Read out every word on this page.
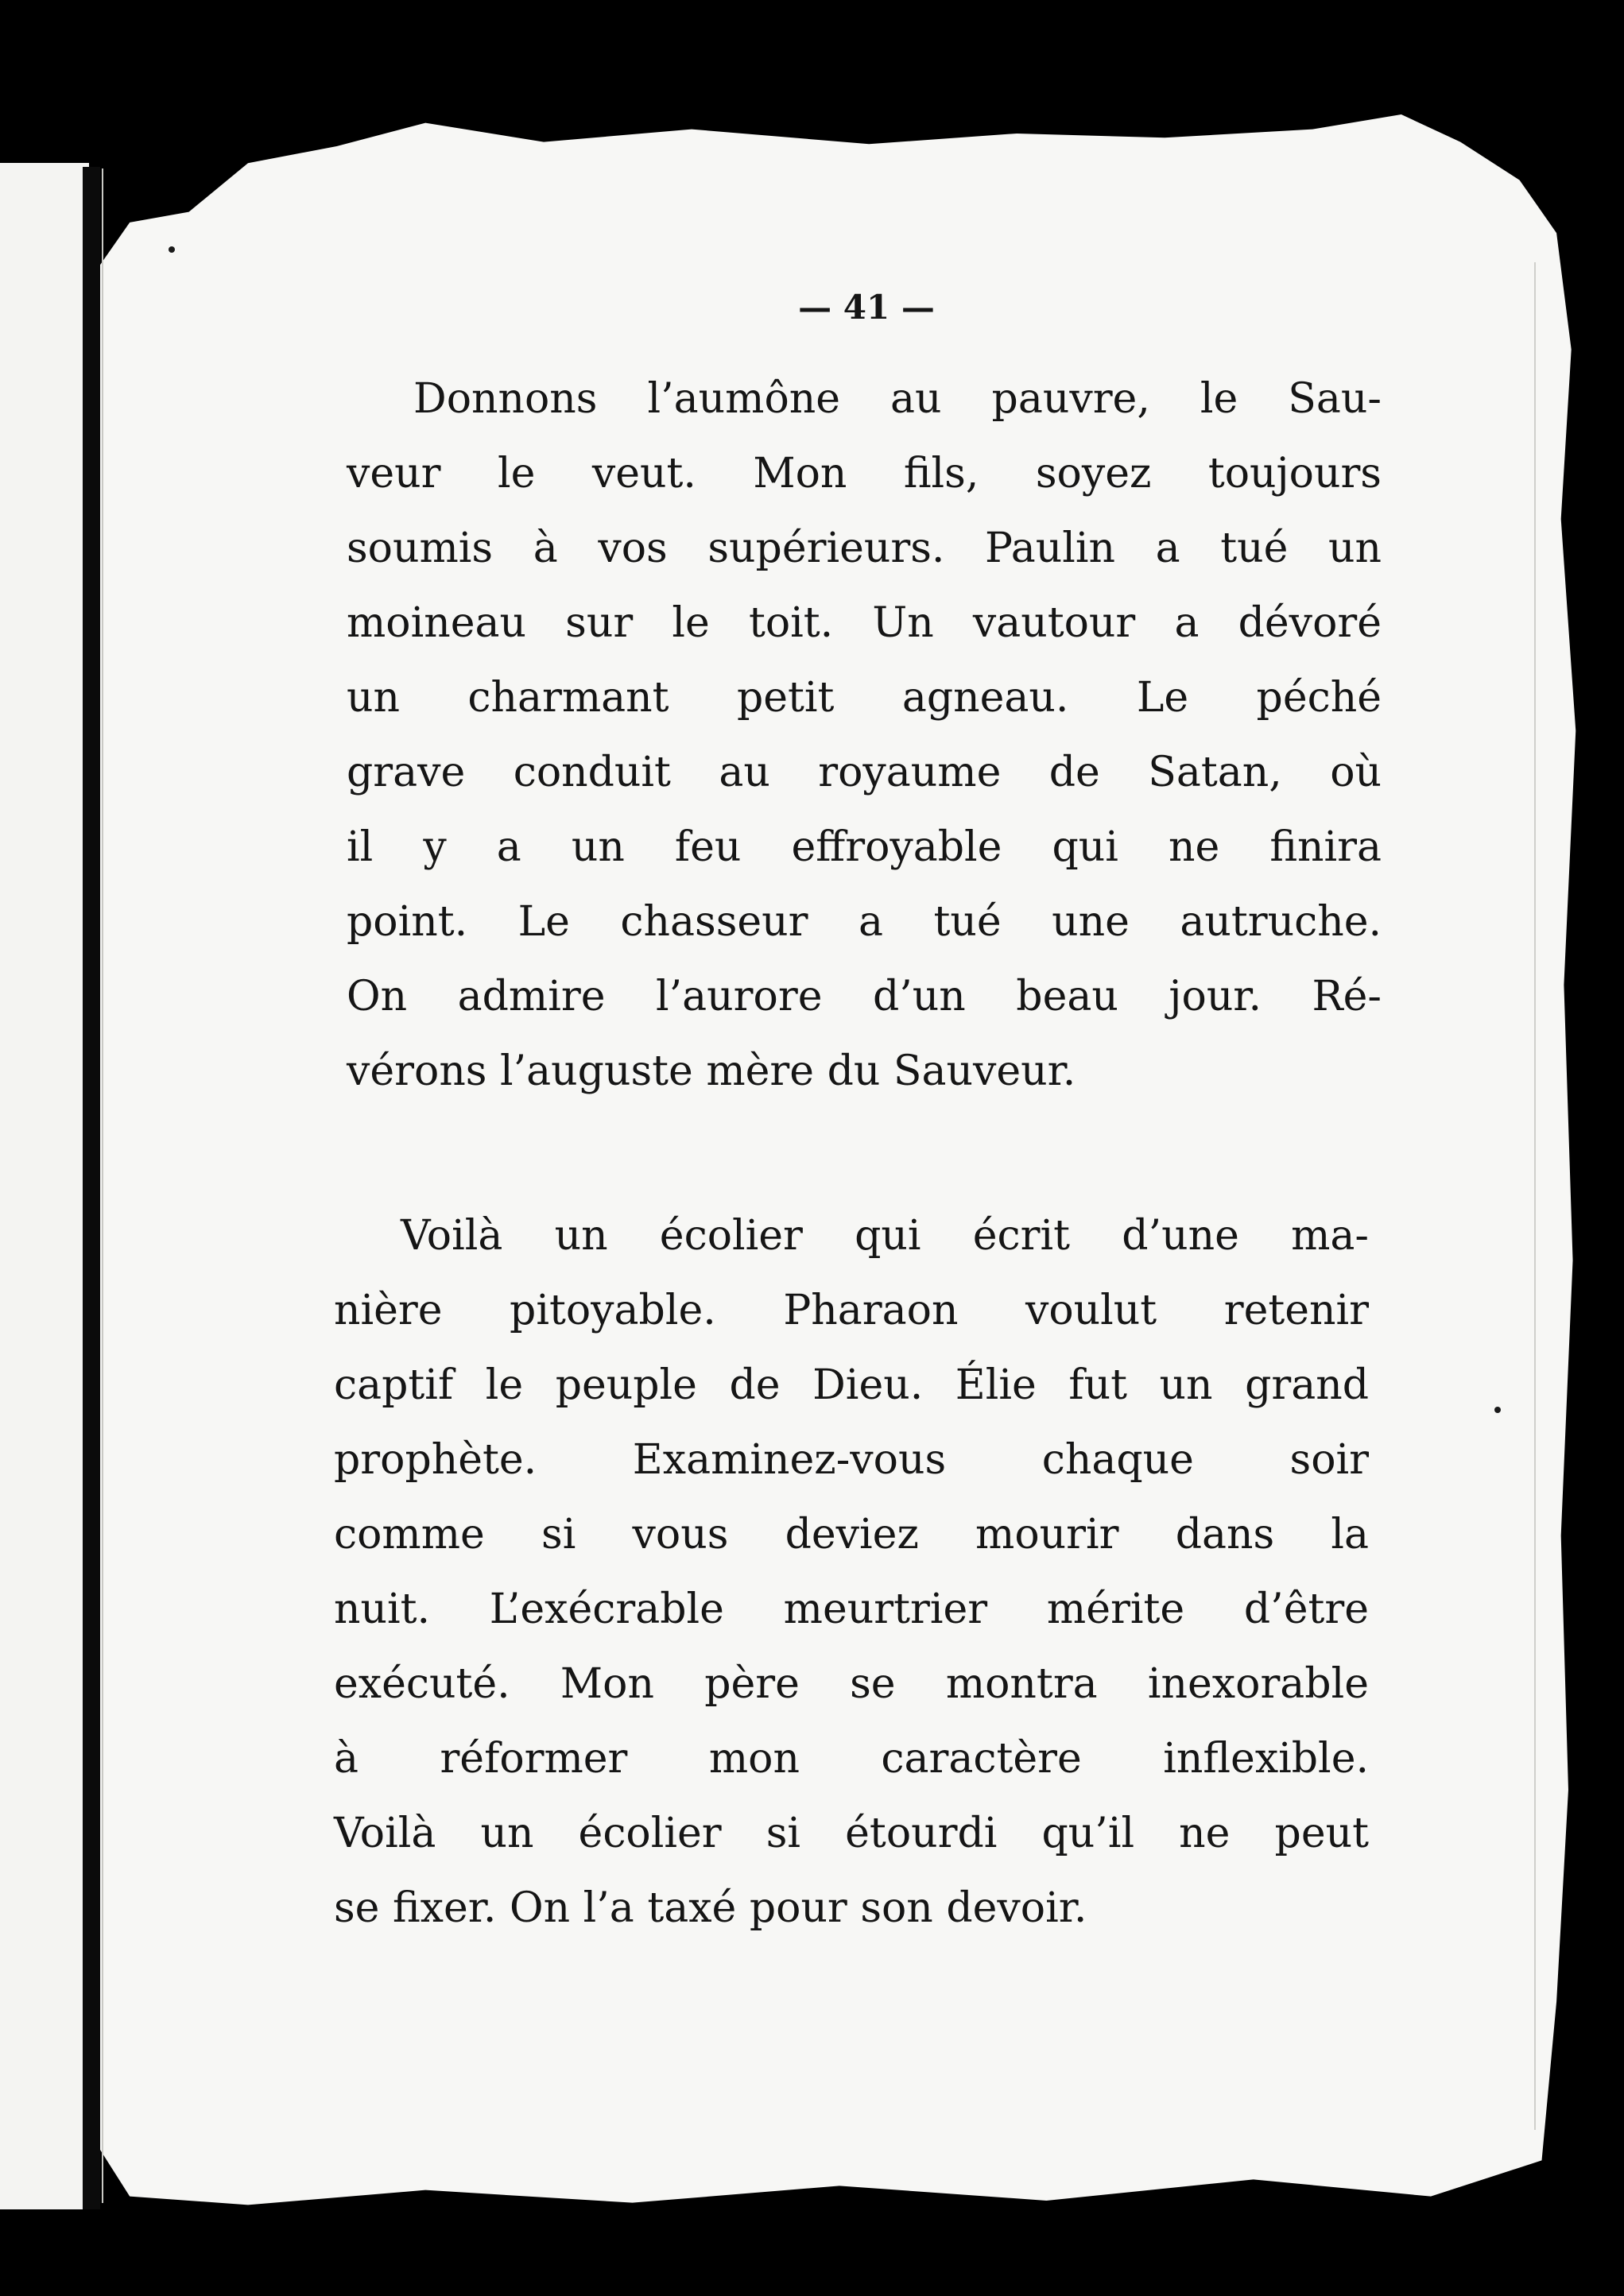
— 41 —
Donnons l’aumône au pauvre, le Sau-
veur le veut. Mon fils, soyez toujours
soumis à vos supérieurs. Paulin a tué un
moineau sur le toit. Un vautour a dévoré
un charmant petit agneau. Le péché
grave conduit au royaume de Satan, où
il y a un feu effroyable qui ne finira
point. Le chasseur a tué une autruche.
On admire l’aurore d’un beau jour. Ré-
vérons l’auguste mère du Sauveur.
Voilà un écolier qui écrit d’une ma-
nière pitoyable. Pharaon voulut retenir
captif le peuple de Dieu. Élie fut un grand
prophète. Examinez-vous chaque soir
comme si vous deviez mourir dans la
nuit. L’exécrable meurtrier mérite d’être
exécuté. Mon père se montra inexorable
à réformer mon caractère inflexible.
Voilà un écolier si étourdi qu’il ne peut
se fixer. On l’a taxé pour son devoir.
